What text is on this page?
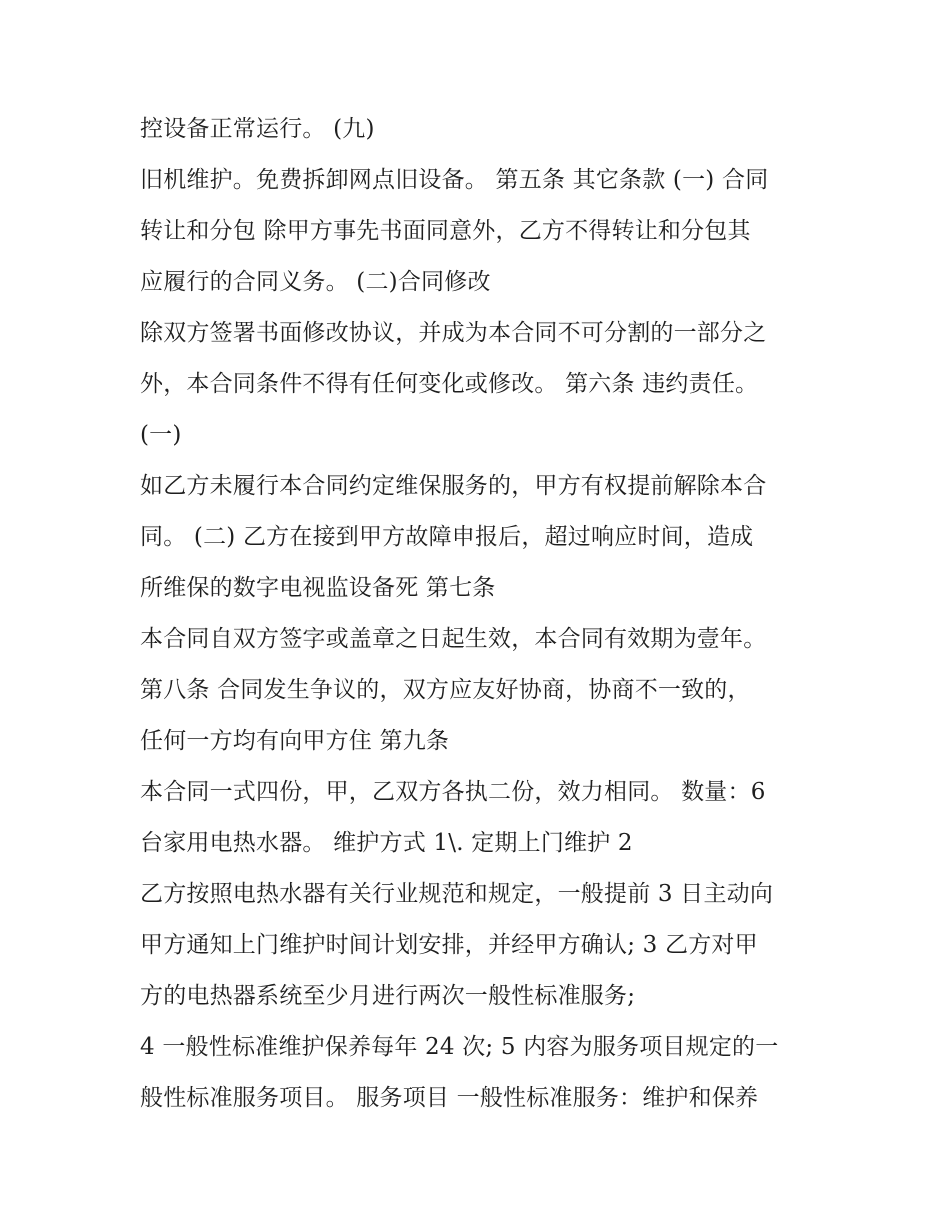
控设备正常运行。 (九)
旧机维护。免费拆卸网点旧设备。 第五条 其它条款 (一) 合同
转让和分包 除甲方事先书面同意外，乙方不得转让和分包其
应履行的合同义务。 (二)合同修改
除双方签署书面修改协议，并成为本合同不可分割的一部分之
外，本合同条件不得有任何变化或修改。 第六条 违约责任。
(一)
如乙方未履行本合同约定维保服务的，甲方有权提前解除本合
同。 (二) 乙方在接到甲方故障申报后，超过响应时间，造成
所维保的数字电视监设备死 第七条
本合同自双方签字或盖章之日起生效，本合同有效期为壹年。
第八条 合同发生争议的，双方应友好协商，协商不一致的，
任何一方均有向甲方住 第九条
本合同一式四份，甲，乙双方各执二份，效力相同。 数量：6
台家用电热水器。 维护方式 1\. 定期上门维护 2
乙方按照电热水器有关行业规范和规定，一般提前 3 日主动向
甲方通知上门维护时间计划安排，并经甲方确认; 3 乙方对甲
方的电热器系统至少月进行两次一般性标准服务;
4 一般性标准维护保养每年 24 次; 5 内容为服务项目规定的一
般性标准服务项目。 服务项目 一般性标准服务：维护和保养
